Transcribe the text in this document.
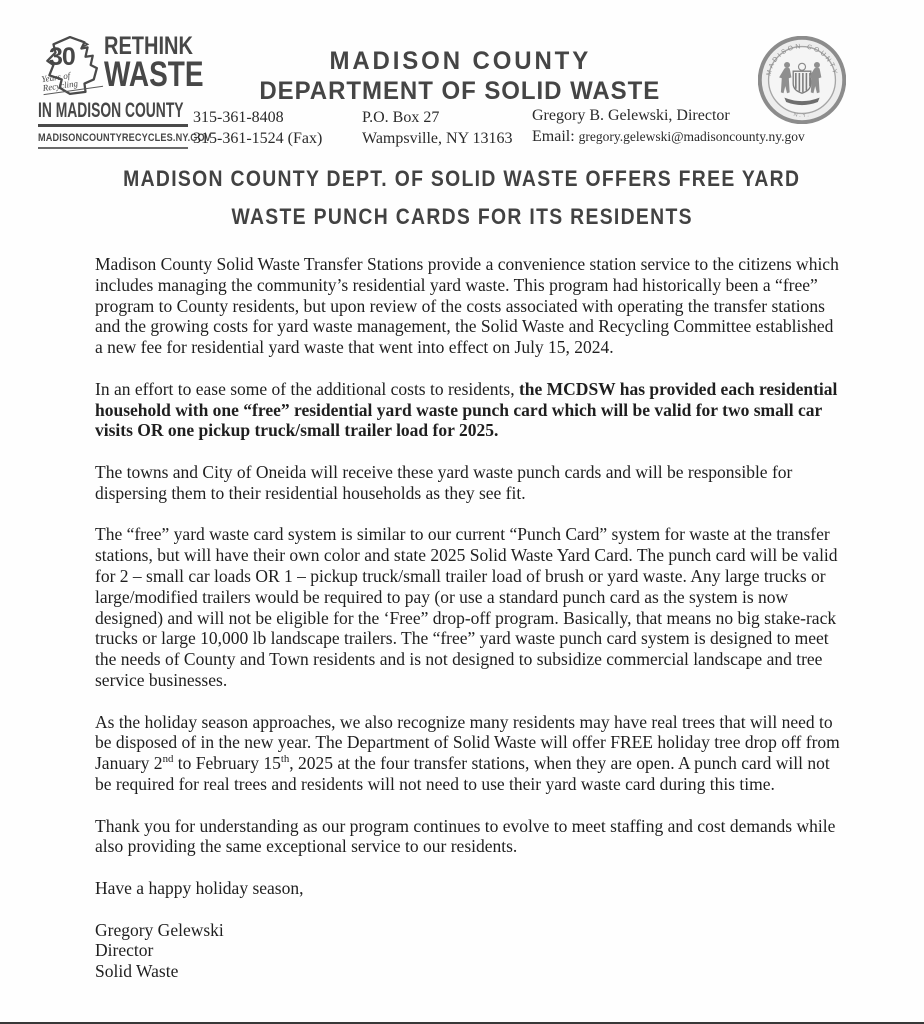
30
Years of Recycling
RETHINK WASTE
IN MADISON COUNTY
MADISONCOUNTYRECYCLES.NY.GOV
MADISON COUNTY
DEPARTMENT OF SOLID WASTE
315-361-8408
315-361-1524 (Fax)
P.O. Box 27
Wampsville, NY 13163
Gregory B. Gelewski, Director
Email: gregory.gelewski@madisoncounty.ny.gov
MADISON COUNTY
N.Y.
MADISON COUNTY DEPT. OF SOLID WASTE OFFERS FREE YARD
WASTE PUNCH CARDS FOR ITS RESIDENTS

Madison County Solid Waste Transfer Stations provide a convenience station service to the citizens which includes managing the community’s residential yard waste. This program had historically been a “free” program to County residents, but upon review of the costs associated with operating the transfer stations and the growing costs for yard waste management, the Solid Waste and Recycling Committee established a new fee for residential yard waste that went into effect on July 15, 2024.

In an effort to ease some of the additional costs to residents, the MCDSW has provided each residential household with one “free” residential yard waste punch card which will be valid for two small car visits OR one pickup truck/small trailer load for 2025.

The towns and City of Oneida will receive these yard waste punch cards and will be responsible for dispersing them to their residential households as they see fit.

The “free” yard waste card system is similar to our current “Punch Card” system for waste at the transfer stations, but will have their own color and state 2025 Solid Waste Yard Card. The punch card will be valid for 2 – small car loads OR 1 – pickup truck/small trailer load of brush or yard waste. Any large trucks or large/modified trailers would be required to pay (or use a standard punch card as the system is now designed) and will not be eligible for the ‘Free” drop-off program. Basically, that means no big stake-rack trucks or large 10,000 lb landscape trailers. The “free” yard waste punch card system is designed to meet the needs of County and Town residents and is not designed to subsidize commercial landscape and tree service businesses.

As the holiday season approaches, we also recognize many residents may have real trees that will need to be disposed of in the new year. The Department of Solid Waste will offer FREE holiday tree drop off from January 2nd to February 15th, 2025 at the four transfer stations, when they are open. A punch card will not be required for real trees and residents will not need to use their yard waste card during this time.

Thank you for understanding as our program continues to evolve to meet staffing and cost demands while also providing the same exceptional service to our residents.

Have a happy holiday season,

Gregory Gelewski
Director
Solid Waste
